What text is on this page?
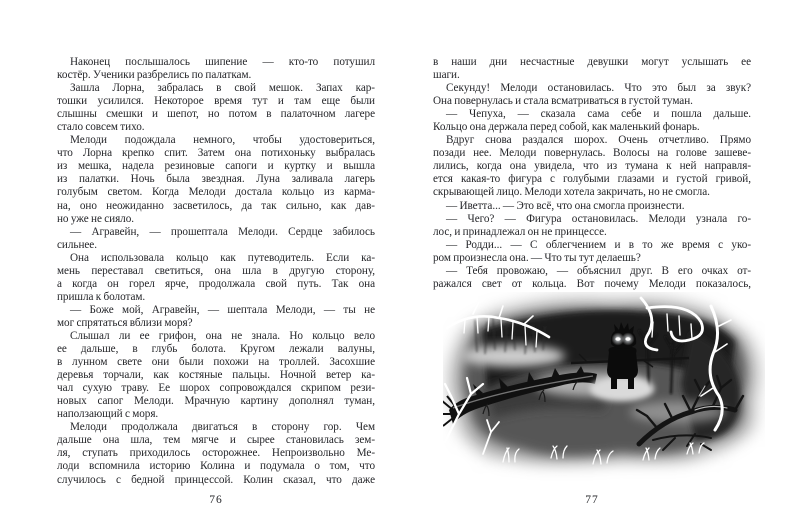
Наконец послышалось шипение — кто-то потушил
костёр. Ученики разбрелись по палаткам.
Зашла Лорна, забралась в свой мешок. Запах кар-
тошки усилился. Некоторое время тут и там еще были
слышны смешки и шепот, но потом в палаточном лагере
стало совсем тихо.
Мелоди подождала немного, чтобы удостовериться,
что Лорна крепко спит. Затем она потихоньку выбралась
из мешка, надела резиновые сапоги и куртку и вышла
из палатки. Ночь была звездная. Луна заливала лагерь
голубым светом. Когда Мелоди достала кольцо из карма-
на, оно неожиданно засветилось, да так сильно, как дав-
но уже не сияло.
— Агравейн, — прошептала Мелоди. Сердце забилось
сильнее.
Она использовала кольцо как путеводитель. Если ка-
мень переставал светиться, она шла в другую сторону,
а когда он горел ярче, продолжала свой путь. Так она
пришла к болотам.
— Боже мой, Агравейн, — шептала Мелоди, — ты не
мог спрятаться вблизи моря?
Слышал ли ее грифон, она не знала. Но кольцо вело
ее дальше, в глубь болота. Кругом лежали валуны,
в лунном свете они были похожи на троллей. Засохшие
деревья торчали, как костяные пальцы. Ночной ветер ка-
чал сухую траву. Ее шорох сопровождался скрипом рези-
новых сапог Мелоди. Мрачную картину дополнял туман,
наползающий с моря.
Мелоди продолжала двигаться в сторону гор. Чем
дальше она шла, тем мягче и сырее становилась зем-
ля, ступать приходилось осторожнее. Непроизвольно Ме-
лоди вспомнила историю Колина и подумала о том, что
случилось с бедной принцессой. Колин сказал, что даже
в наши дни несчастные девушки могут услышать ее
шаги.
Секунду! Мелоди остановилась. Что это был за звук?
Она повернулась и стала всматриваться в густой туман.
— Чепуха, — сказала сама себе и пошла дальше.
Кольцо она держала перед собой, как маленький фонарь.
Вдруг снова раздался шорох. Очень отчетливо. Прямо
позади нее. Мелоди повернулась. Волосы на голове зашеве-
лились, когда она увидела, что из тумана к ней направля-
ется какая-то фигура с голубыми глазами и густой гривой,
скрывающей лицо. Мелоди хотела закричать, но не смогла.
— Иветта... — Это всё, что она смогла произнести.
— Чего? — Фигура остановилась. Мелоди узнала го-
лос, и принадлежал он не принцессе.
— Родди... — С облегчением и в то же время с уко-
ром произнесла она. — Что ты тут делаешь?
— Тебя провожаю, — объяснил друг. В его очках от-
ражался свет от кольца. Вот почему Мелоди показалось,
76	77
